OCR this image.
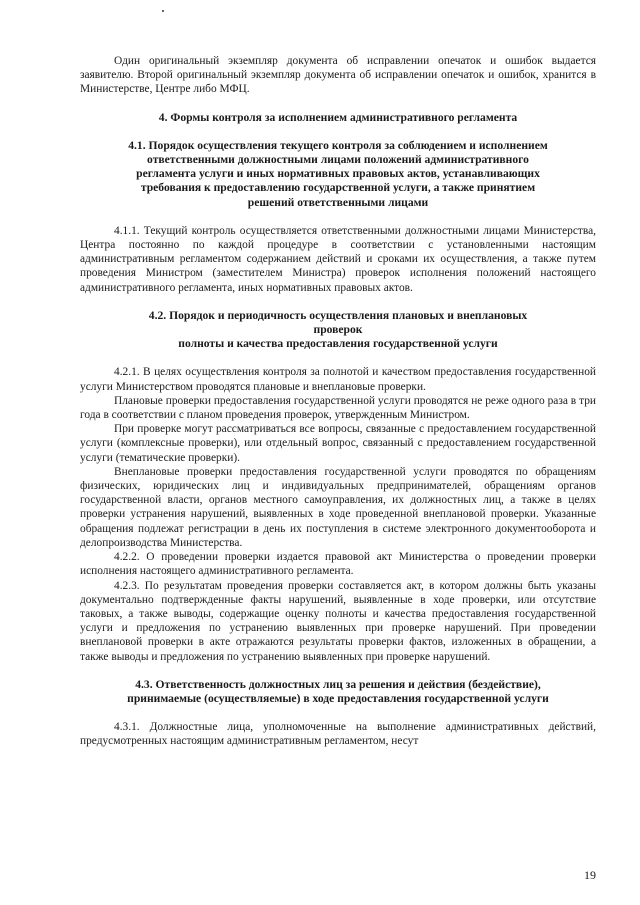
Один оригинальный экземпляр документа об исправлении опечаток и ошибок выдается заявителю. Второй оригинальный экземпляр документа об исправлении опечаток и ошибок, хранится в Министерстве, Центре либо МФЦ.

4. Формы контроля за исполнением административного регламента

4.1. Порядок осуществления текущего контроля за соблюдением и исполнением

ответственными должностными лицами положений административного

регламента услуги и иных нормативных правовых актов, устанавливающих

требования к предоставлению государственной услуги, а также принятием

решений ответственными лицами

4.1.1. Текущий контроль осуществляется ответственными должностными лицами Министерства, Центра постоянно по каждой процедуре в соответствии с установленными настоящим административным регламентом содержанием действий и сроками их осуществления, а также путем проведения Министром (заместителем Министра) проверок исполнения положений настоящего административного регламента, иных нормативных правовых актов.

4.2. Порядок и периодичность осуществления плановых и внеплановых

проверок

полноты и качества предоставления государственной услуги

4.2.1. В целях осуществления контроля за полнотой и качеством предоставления государственной услуги Министерством проводятся плановые и внеплановые проверки.

Плановые проверки предоставления государственной услуги проводятся не реже одного раза в три года в соответствии с планом проведения проверок, утвержденным Министром.

При проверке могут рассматриваться все вопросы, связанные с предоставлением государственной услуги (комплексные проверки), или отдельный вопрос, связанный с предоставлением государственной услуги (тематические проверки).

Внеплановые проверки предоставления государственной услуги проводятся по обращениям физических, юридических лиц и индивидуальных предпринимателей, обращениям органов государственной власти, органов местного самоуправления, их должностных лиц, а также в целях проверки устранения нарушений, выявленных в ходе проведенной внеплановой проверки. Указанные обращения подлежат регистрации в день их поступления в системе электронного документооборота и делопроизводства Министерства.

4.2.2. О проведении проверки издается правовой акт Министерства о проведении проверки исполнения настоящего административного регламента.

4.2.3. По результатам проведения проверки составляется акт, в котором должны быть указаны документально подтвержденные факты нарушений, выявленные в ходе проверки, или отсутствие таковых, а также выводы, содержащие оценку полноты и качества предоставления государственной услуги и предложения по устранению выявленных при проверке нарушений. При проведении внеплановой проверки в акте отражаются результаты проверки фактов, изложенных в обращении, а также выводы и предложения по устранению выявленных при проверке нарушений.

4.3. Ответственность должностных лиц за решения и действия (бездействие),

принимаемые (осуществляемые) в ходе предоставления государственной услуги

4.3.1. Должностные лица, уполномоченные на выполнение административных действий, предусмотренных настоящим административным регламентом, несут

19
